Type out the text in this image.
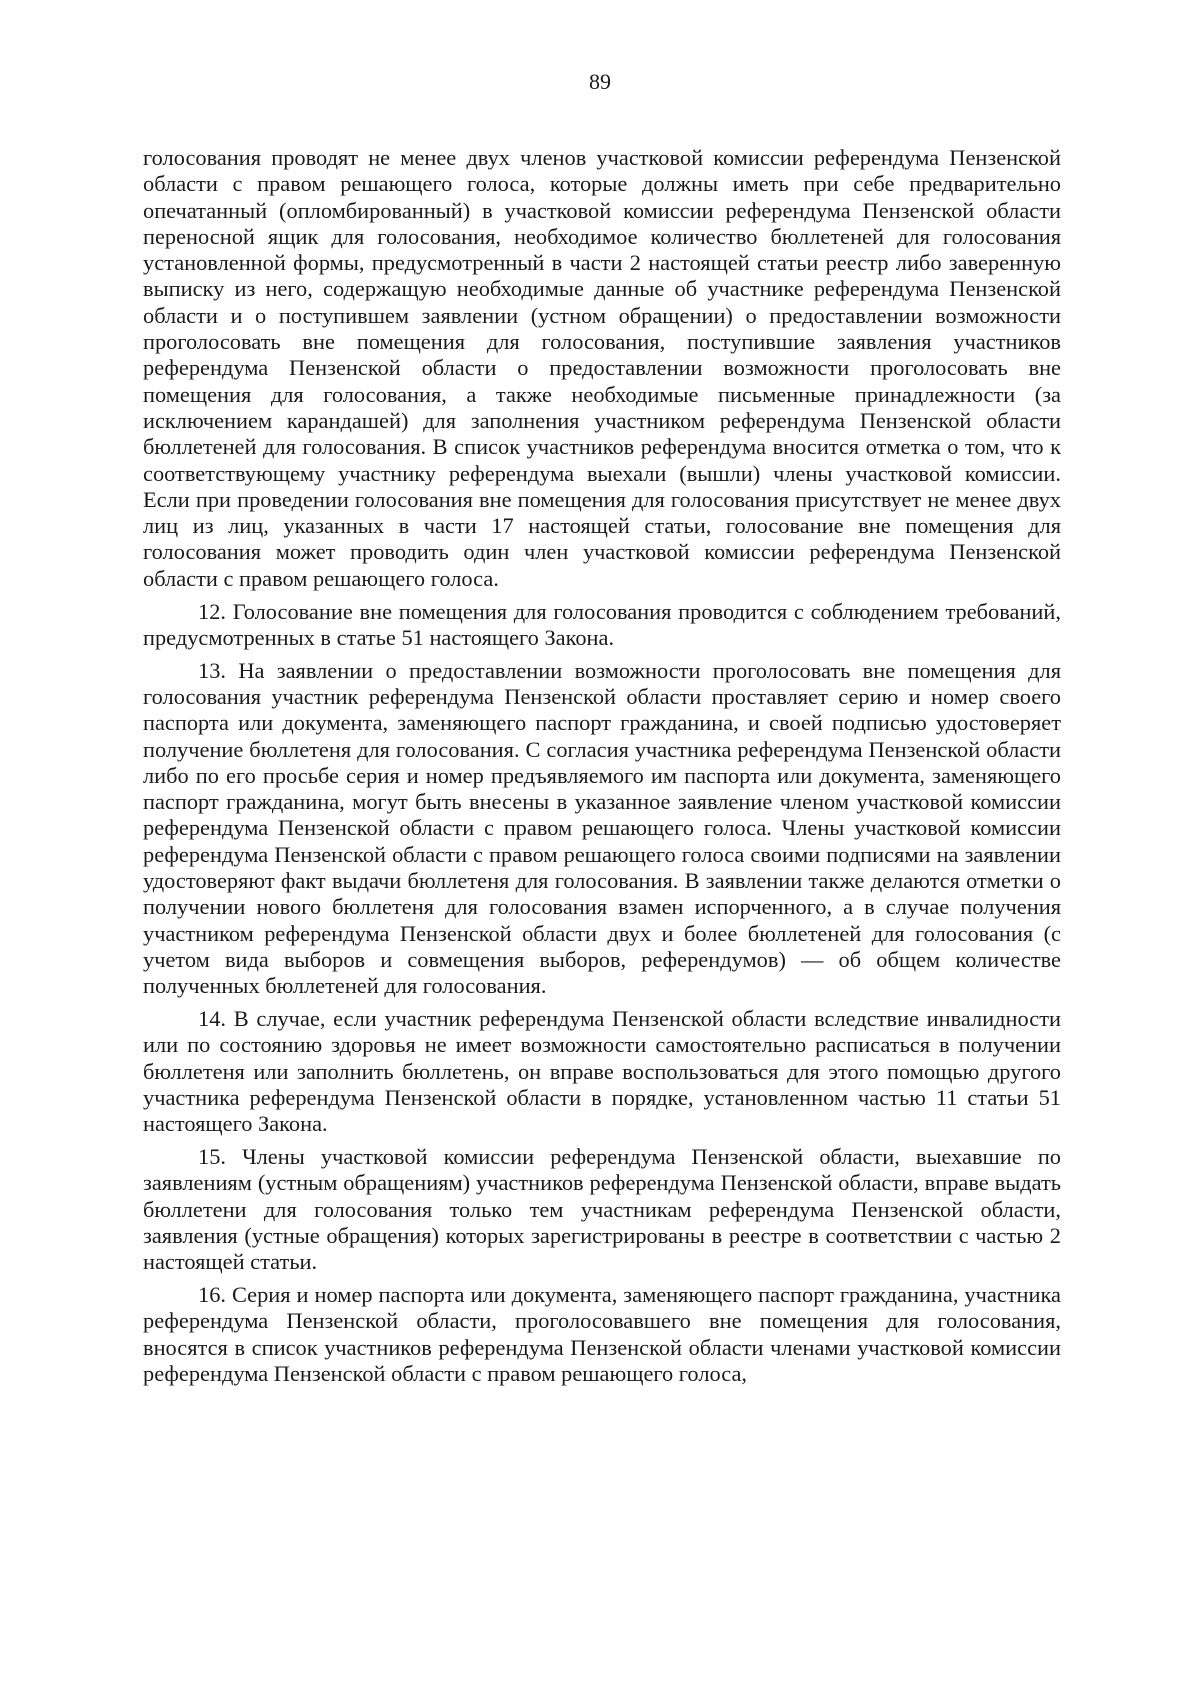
89

голосования проводят не менее двух членов участковой комиссии референдума Пензенской области с правом решающего голоса, которые должны иметь при себе предварительно опечатанный (опломбированный) в участковой комиссии референдума Пензенской области переносной ящик для голосования, необходимое количество бюллетеней для голосования установленной формы, предусмотренный в части 2 настоящей статьи реестр либо заверенную выписку из него, содержащую необходимые данные об участнике референдума Пензенской области и о поступившем заявлении (устном обращении) о предоставлении возможности проголосовать вне помещения для голосования, поступившие заявления участников референдума Пензенской области о предоставлении возможности проголосовать вне помещения для голосования, а также необходимые письменные принадлежности (за исключением карандашей) для заполнения участником референдума Пензенской области бюллетеней для голосования. В список участников референдума вносится отметка о том, что к соответствующему участнику референдума выехали (вышли) члены участковой комиссии. Если при проведении голосования вне помещения для голосования присутствует не менее двух лиц из лиц, указанных в части 17 настоящей статьи, голосование вне помещения для голосования может проводить один член участковой комиссии референдума Пензенской области с правом решающего голоса.

12. Голосование вне помещения для голосования проводится с соблюдением требований, предусмотренных в статье 51 настоящего Закона.

13. На заявлении о предоставлении возможности проголосовать вне помещения для голосования участник референдума Пензенской области проставляет серию и номер своего паспорта или документа, заменяющего паспорт гражданина, и своей подписью удостоверяет получение бюллетеня для голосования. С согласия участника референдума Пензенской области либо по его просьбе серия и номер предъявляемого им паспорта или документа, заменяющего паспорт гражданина, могут быть внесены в указанное заявление членом участковой комиссии референдума Пензенской области с правом решающего голоса. Члены участковой комиссии референдума Пензенской области с правом решающего голоса своими подписями на заявлении удостоверяют факт выдачи бюллетеня для голосования. В заявлении также делаются отметки о получении нового бюллетеня для голосования взамен испорченного, а в случае получения участником референдума Пензенской области двух и более бюллетеней для голосования (с учетом вида выборов и совмещения выборов, референдумов) — об общем количестве полученных бюллетеней для голосования.

14. В случае, если участник референдума Пензенской области вследствие инвалидности или по состоянию здоровья не имеет возможности самостоятельно расписаться в получении бюллетеня или заполнить бюллетень, он вправе воспользоваться для этого помощью другого участника референдума Пензенской области в порядке, установленном частью 11 статьи 51 настоящего Закона.

15. Члены участковой комиссии референдума Пензенской области, выехавшие по заявлениям (устным обращениям) участников референдума Пензенской области, вправе выдать бюллетени для голосования только тем участникам референдума Пензенской области, заявления (устные обращения) которых зарегистрированы в реестре в соответствии с частью 2 настоящей статьи.

16. Серия и номер паспорта или документа, заменяющего паспорт гражданина, участника референдума Пензенской области, проголосовавшего вне помещения для голосования, вносятся в список участников референдума Пензенской области членами участковой комиссии референдума Пензенской области с правом решающего голоса,
